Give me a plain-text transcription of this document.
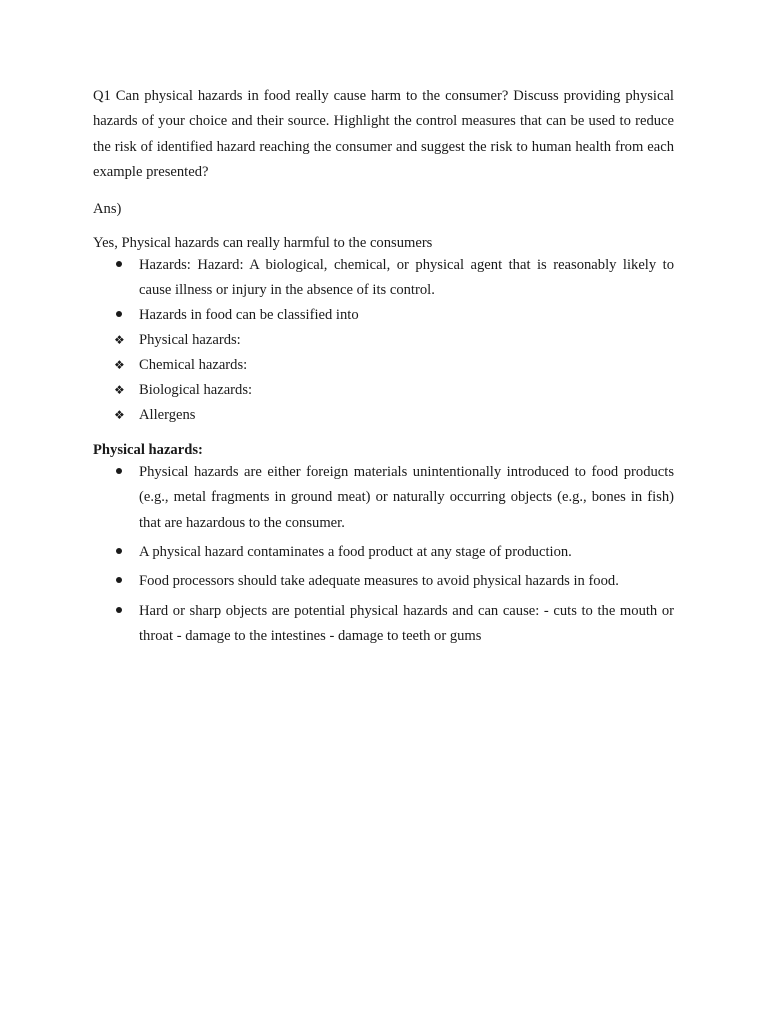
Q1 Can physical hazards in food really cause harm to the consumer? Discuss providing physical hazards of your choice and their source. Highlight the control measures that can be used to reduce the risk of identified hazard reaching the consumer and suggest the risk to human health from each example presented?

Ans)

Yes, Physical hazards can really harmful to the consumers

Hazards: Hazard: A biological, chemical, or physical agent that is reasonably likely to cause illness or injury in the absence of its control.
Hazards in food can be classified into
❖ Physical hazards:
❖ Chemical hazards:
❖ Biological hazards:
❖ Allergens

Physical hazards:

Physical hazards are either foreign materials unintentionally introduced to food products (e.g., metal fragments in ground meat) or naturally occurring objects (e.g., bones in fish) that are hazardous to the consumer.
A physical hazard contaminates a food product at any stage of production.
Food processors should take adequate measures to avoid physical hazards in food.
Hard or sharp objects are potential physical hazards and can cause: - cuts to the mouth or throat - damage to the intestines - damage to teeth or gums
